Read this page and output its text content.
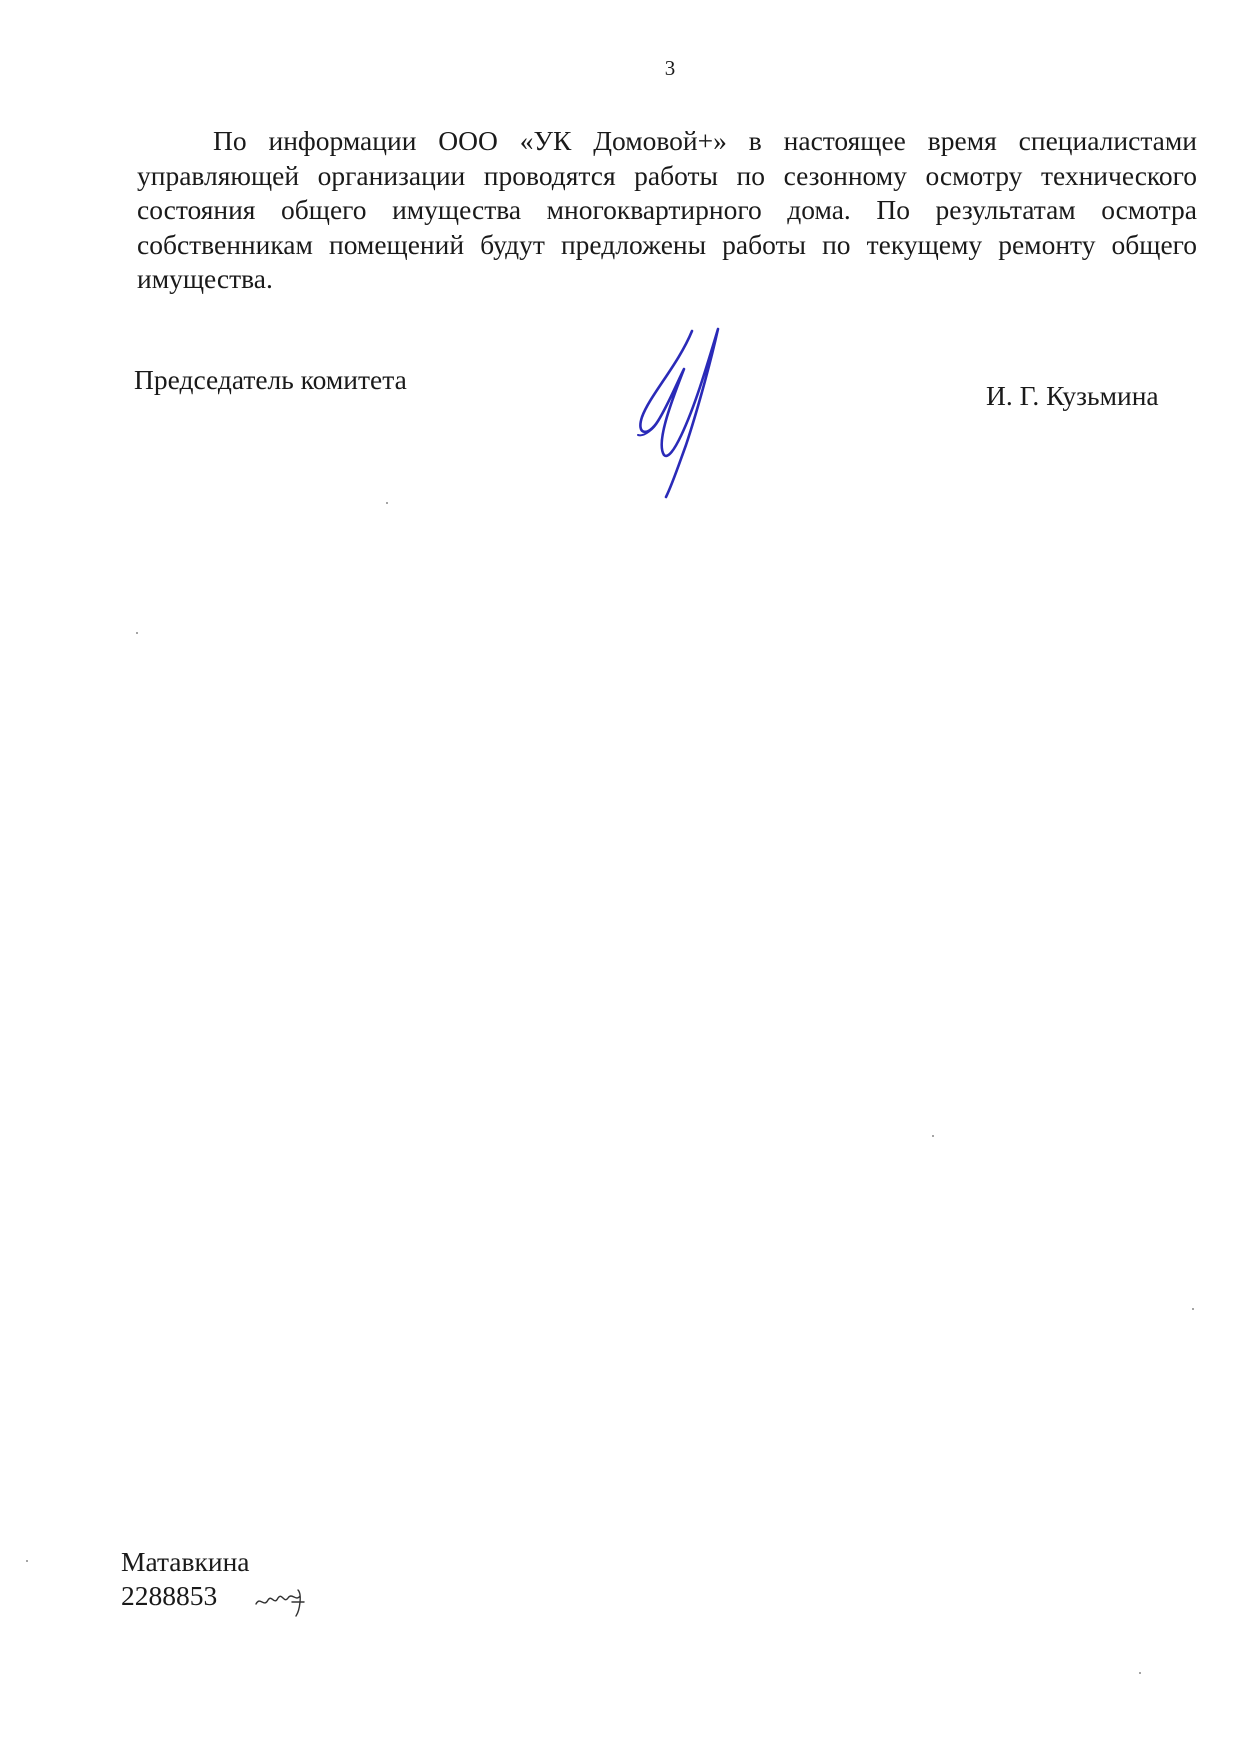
3

По информации ООО «УК Домовой+» в настоящее время специалистами управляющей организации проводятся работы по сезонному осмотру технического состояния общего имущества многоквартирного дома. По результатам осмотра собственникам помещений будут предложены работы по текущему ремонту общего имущества.

Председатель комитета
И. Г. Кузьмина
Матавкина
2288853
